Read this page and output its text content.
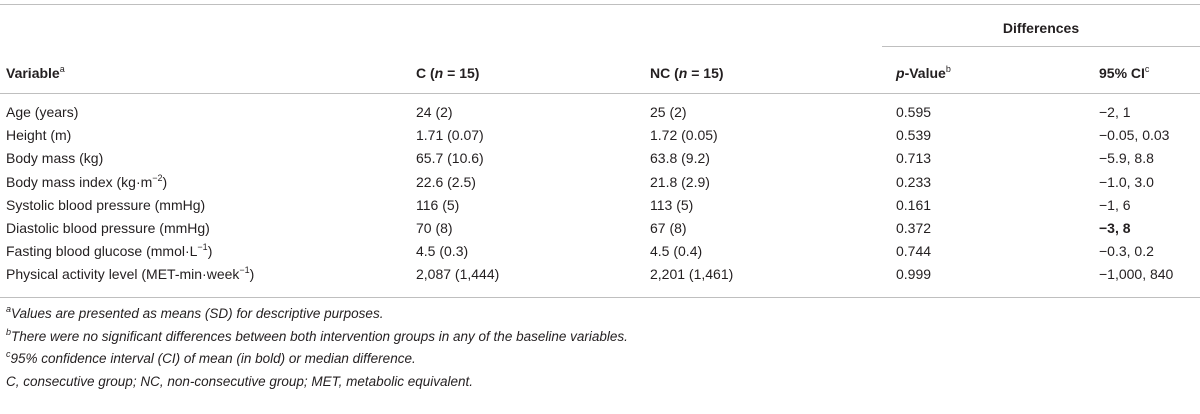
Differences
Variable$^a$	C (n = 15)	NC (n = 15)	p-Value$^b$	95% $CI^c$
Age (years)	24 (2)	25 (2)	0.595	−2, 1
Height (m)	1.71 (0.07)	1.72 (0.05)	0.539	−0.05, 0.03
Body mass (kg)	65.7 (10.6)	63.8 (9.2)	0.713	−5.9, 8.8
Body mass index $(kg\cdot m^{-2})$	22.6 (2.5)	21.8 (2.9)	0.233	−1.0, 3.0
Systolic blood pressure (mmHg)	116 (5)	113 (5)	0.161	−1, 6
Diastolic blood pressure (mmHg)	70 (8)	67 (8)	0.372	−3, 8
Fasting blood glucose $(mmol\cdot L^{-1})$	4.5 (0.3)	4.5 (0.4)	0.744	−0.3, 0.2
Physical activity level (MET-min·week$^{-1}$)	2,087 (1,444)	2,201 (1,461)	0.999	−1,000, 840
$^a$Values are presented as means (SD) for descriptive purposes.
$^b$There were no significant differences between both intervention groups in any of the baseline variables.
$^c$95% confidence interval (CI) of mean (in bold) or median difference.
C, consecutive group; NC, non-consecutive group; MET, metabolic equivalent.
